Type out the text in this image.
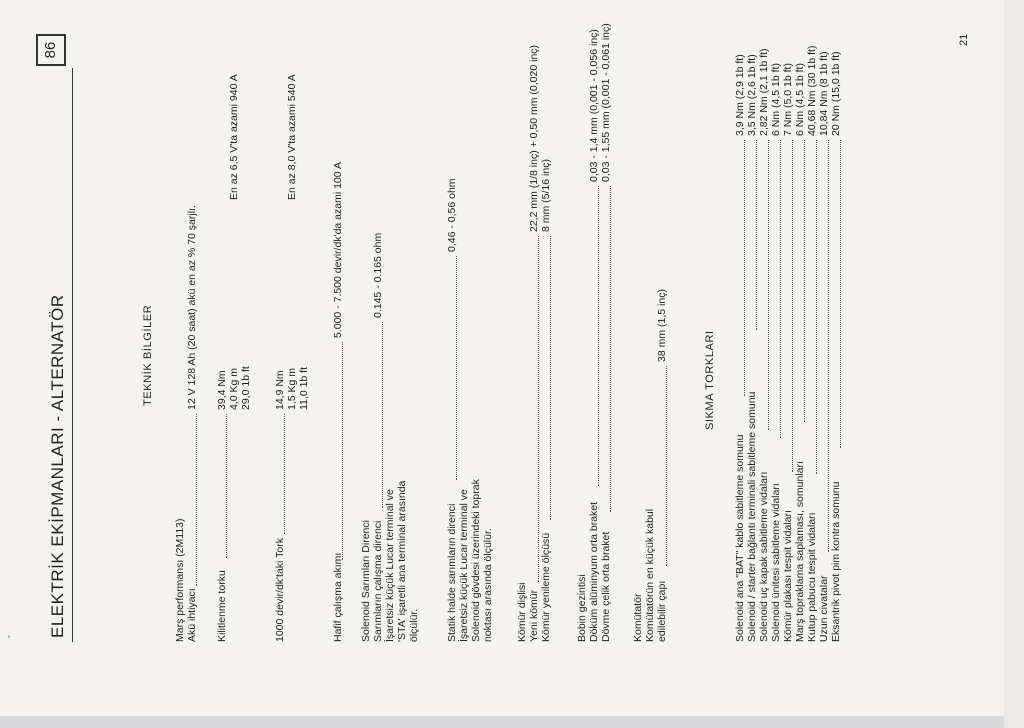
'
ELEKTRİK EKİPMANLARI - ALTERNATÖR
86
21
TEKNİK BİLGİLER
Marş performansı (2M113) Akü ihtiyacı
12 V 128 Ah (20 saat) akü en az % 70 şarjlı.
Kilitlenme torku
39,4 Nm 4,0 Kg m 29,0 1b ft
En az 6,5 V'ta azami 940 A
1000 devir/dk'taki Tork
14,9 Nm 1,5 Kg m 11,0 1b ft
En az 8,0 V'ta azami 540 A
Hafif çalışma akımı
5.000 - 7.500 devir/dk'da azami 100 A
Solenoid Sarımları Direnci Sarımların çalışma direnci
0.145 - 0.165 ohm
İşaretsiz küçük Lucar terminal ve 'STA' işaretli ana terminal arasında ölçülür. Statik halde sarımların direnci
0,46 - 0,56 ohm
İşaretsiz küçük Lucar terminal ve Solenoid gövdesi üzerindeki toprak noktası arasında ölçülür. Kömür dişlisi Yeni kömür
22,2 mm (1/8 inç) + 0,50 mm (0,020 inç)
Kömür yenileme ölçüsü
8 mm (5/16 inç)
Bobin gezintisi Döküm alüminyum orta braket
0,03 - 1,4 mm (0,001 - 0,056 inç)
Dövme çelik orta braket
0,03 - 1,55 mm (0,001 - 0,061 inç)
Komütatör Komütatörün en küçük kabul edilebilir çapı
38 mm (1,5 inç)
SIKMA TORKLARI
Solenoid ana "BAT" kablo sabitleme somunu
3,9 Nm (2,9 1b ft)
Solenoid / starter bağlantı terminali sabitleme somunu
3,5 Nm (2,6 1b ft)
Solenoid uç kapak sabitleme vidaları
2,82 Nm (2,1 1b ft)
Solenoid ünitesi sabitleme vidaları
6 Nm (4,5 1b ft)
Kömür plakası tespit vidaları
7 Nm (5,0 1b ft)
Marş topraklama saplaması, somunları
6 Nm (4,5 1b ft)
Kutup pabucu tespit vidaları
40,68 Nm (30 1b ft)
Uzun civatalar
10,84 Nm (8 1b ft)
Eksantrik pivot pim kontra somunu
20 Nm (15,0 1b ft)
